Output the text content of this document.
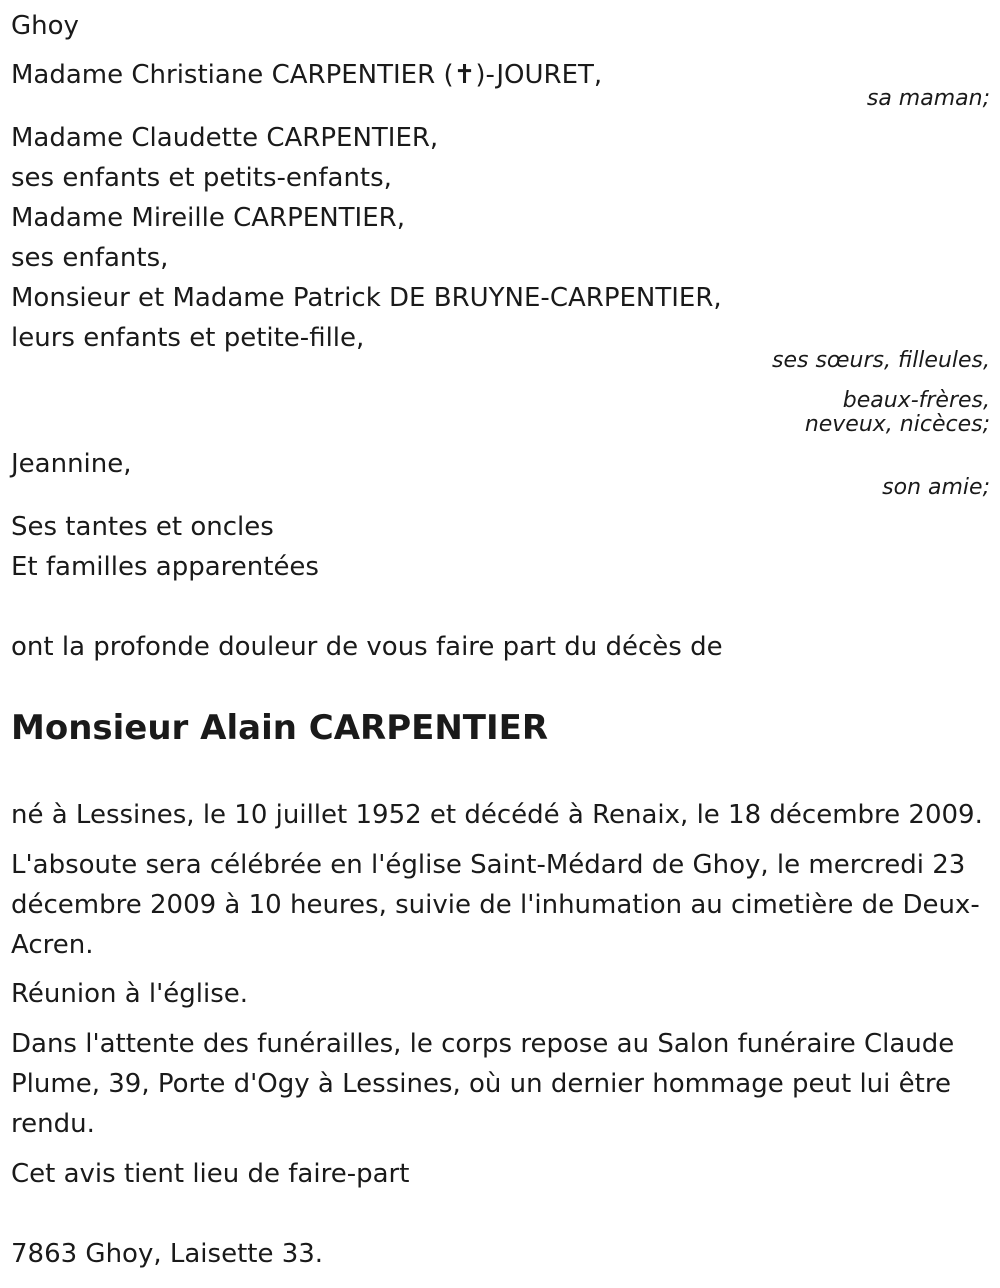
Ghoy
Madame Christiane CARPENTIER (✝)-JOURET,
sa maman;
Madame Claudette CARPENTIER,
ses enfants et petits-enfants,
Madame Mireille CARPENTIER,
ses enfants,
Monsieur et Madame Patrick DE BRUYNE-CARPENTIER,
leurs enfants et petite-fille,
ses sœurs, filleules,
beaux-frères,
neveux, nicèces;
Jeannine,
son amie;
Ses tantes et oncles
Et familles apparentées
ont la profonde douleur de vous faire part du décès de
Monsieur Alain CARPENTIER
né à Lessines, le 10 juillet 1952 et décédé à Renaix, le 18 décembre 2009.
L'absoute sera célébrée en l'église Saint-Médard de Ghoy, le mercredi 23 décembre 2009 à 10 heures, suivie de l'inhumation au cimetière de Deux-Acren.
Réunion à l'église.
Dans l'attente des funérailles, le corps repose au Salon funéraire Claude Plume, 39, Porte d'Ogy à Lessines, où un dernier hommage peut lui être rendu.
Cet avis tient lieu de faire-part
7863 Ghoy, Laisette 33.
